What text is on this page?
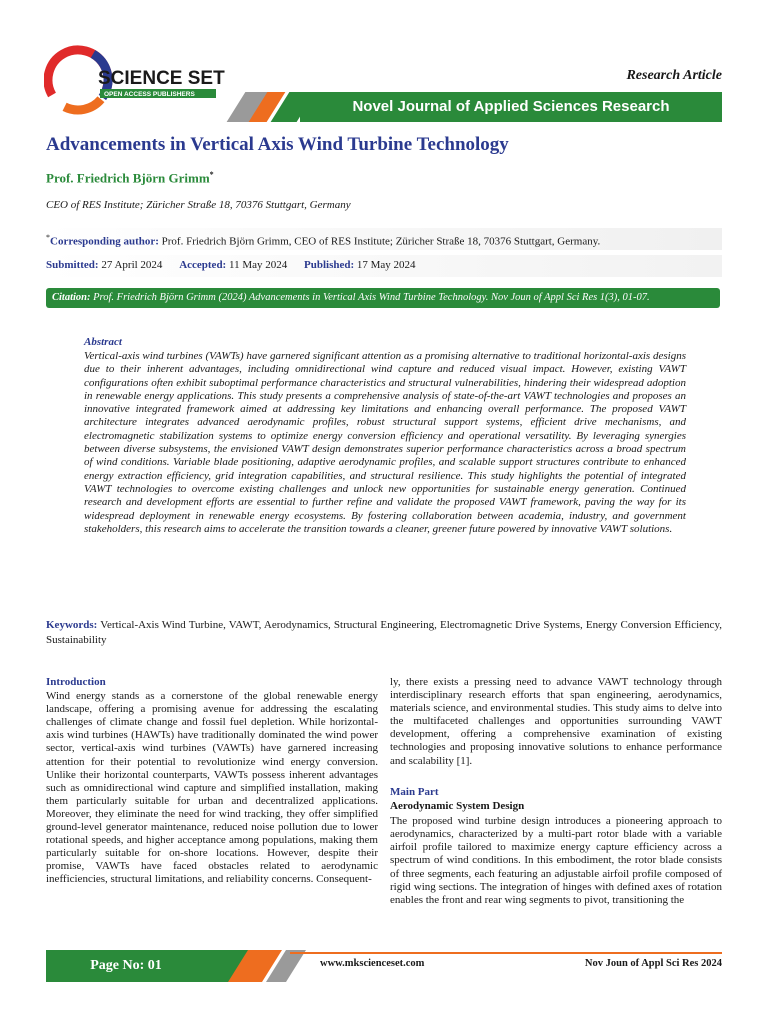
SCIENCE SET
OPEN ACCESS PUBLISHERS
Research Article
Novel Journal of Applied Sciences Research
Advancements in Vertical Axis Wind Turbine Technology
Prof. Friedrich Björn Grimm*
CEO of RES Institute; Züricher Straße 18, 70376 Stuttgart, Germany
*Corresponding author: Prof. Friedrich Björn Grimm, CEO of RES Institute; Züricher Straße 18, 70376 Stuttgart, Germany.
Submitted: 27 April 2024 Accepted: 11 May 2024 Published: 17 May 2024
Citation: Prof. Friedrich Björn Grimm (2024) Advancements in Vertical Axis Wind Turbine Technology. Nov Joun of Appl Sci Res 1(3), 01-07.
Abstract
Vertical-axis wind turbines (VAWTs) have garnered significant attention as a promising alternative to traditional horizontal-axis designs due to their inherent advantages, including omnidirectional wind capture and reduced visual impact. However, existing VAWT configurations often exhibit suboptimal performance characteristics and structural vulnerabilities, hindering their widespread adoption in renewable energy applications. This study presents a comprehensive analysis of state-of-the-art VAWT technologies and proposes an innovative integrated framework aimed at addressing key limitations and enhancing overall performance. The proposed VAWT architecture integrates advanced aerodynamic profiles, robust structural support systems, efficient drive mechanisms, and electromagnetic stabilization systems to optimize energy conversion efficiency and operational versatility. By leveraging synergies between diverse subsystems, the envisioned VAWT design demonstrates superior performance characteristics across a broad spectrum of wind conditions. Variable blade positioning, adaptive aerodynamic profiles, and scalable support structures contribute to enhanced energy extraction efficiency, grid integration capabilities, and structural resilience. This study highlights the potential of integrated VAWT technologies to overcome existing challenges and unlock new opportunities for sustainable energy generation. Continued research and development efforts are essential to further refine and validate the proposed VAWT framework, paving the way for its widespread deployment in renewable energy ecosystems. By fostering collaboration between academia, industry, and government stakeholders, this research aims to accelerate the transition towards a cleaner, greener future powered by innovative VAWT solutions.
Keywords: Vertical-Axis Wind Turbine, VAWT, Aerodynamics, Structural Engineering, Electromagnetic Drive Systems, Energy Conversion Efficiency, Sustainability
Introduction

Wind energy stands as a cornerstone of the global renewable energy landscape, offering a promising avenue for addressing the escalating challenges of climate change and fossil fuel depletion. While horizontal-axis wind turbines (HAWTs) have traditionally dominated the wind power sector, vertical-axis wind turbines (VAWTs) have garnered increasing attention for their potential to revolutionize wind energy conversion. Unlike their horizontal counterparts, VAWTs possess inherent advantages such as omnidirectional wind capture and simplified installation, making them particularly suitable for urban and decentralized applications. Moreover, they eliminate the need for wind tracking, they offer simplified ground-level generator maintenance, reduced noise pollution due to lower rotational speeds, and higher acceptance among populations, making them particularly suitable for on-shore locations. However, despite their promise, VAWTs have faced obstacles related to aerodynamic inefficiencies, structural limitations, and reliability concerns. Consequent-

ly, there exists a pressing need to advance VAWT technology through interdisciplinary research efforts that span engineering, aerodynamics, materials science, and environmental studies. This study aims to delve into the multifaceted challenges and opportunities surrounding VAWT development, offering a comprehensive examination of existing technologies and proposing innovative solutions to enhance performance and scalability [1].

Main Part
Aerodynamic System Design

The proposed wind turbine design introduces a pioneering approach to aerodynamics, characterized by a multi-part rotor blade with a variable airfoil profile tailored to maximize energy capture efficiency across a spectrum of wind conditions. In this embodiment, the rotor blade consists of three segments, each featuring an adjustable airfoil profile composed of rigid wing sections. The integration of hinges with defined axes of rotation enables the front and rear wing segments to pivot, transitioning the

Page No: 01	www.mkscienceset.com	Nov Joun of Appl Sci Res 2024
